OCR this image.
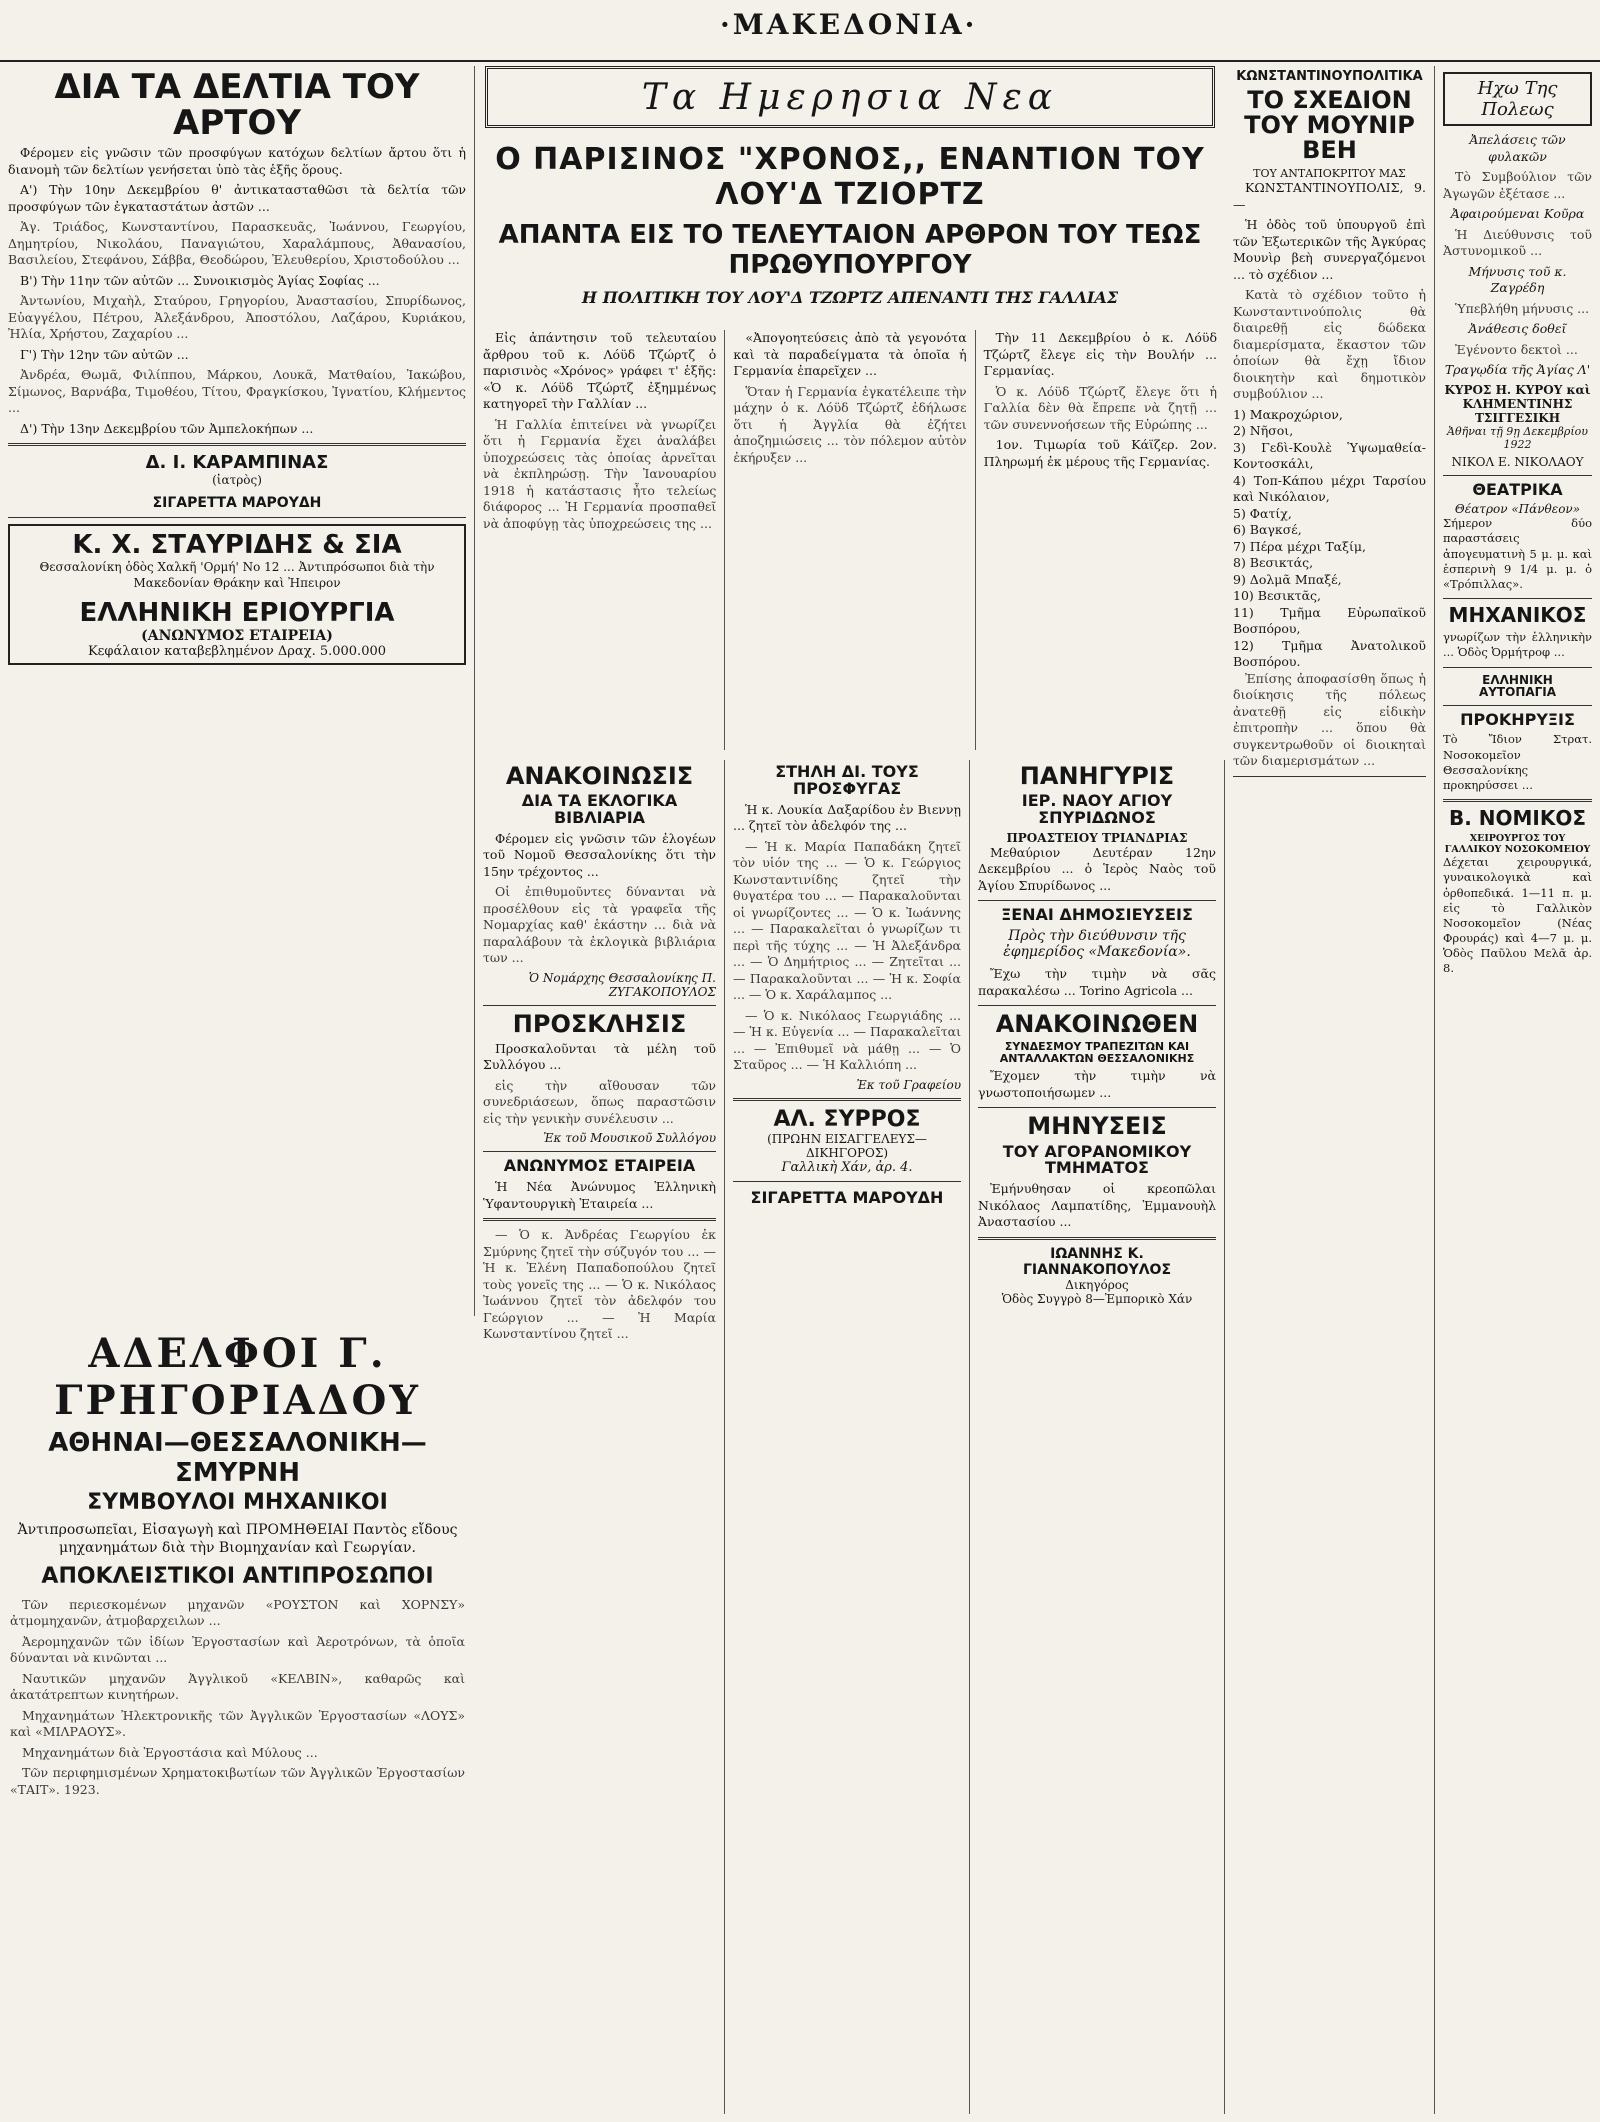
·ΜΑΚΕΔΟΝΙΑ·
ΔΙΑ ΤΑ ΔΕΛΤΙΑ ΤΟΥ ΑΡΤΟΥ

Φέρομεν εἰς γνῶσιν τῶν προσφύγων κατόχων δελτίων ἄρτου ὅτι ἡ διανομὴ τῶν δελτίων γενήσεται ὑπὸ τὰς ἑξῆς ὅρους.

Α') Τὴν 10ην Δεκεμβρίου θ' ἀντικατασταθῶσι τὰ δελτία τῶν προσφύγων τῶν ἐγκαταστάτων ἀστῶν ...

Ἁγ. Τριάδος, Κωνσταντίνου, Παρασκευᾶς, Ἰωάννου, Γεωργίου, Δημητρίου, Νικολάου, Παναγιώτου, Χαραλάμπους, Ἀθανασίου, Βασιλείου, Στεφάνου, Σάββα, Θεοδώρου, Ἐλευθερίου, Χριστοδούλου ...

Β') Τὴν 11ην τῶν αὐτῶν ... Συνοικισμὸς Ἁγίας Σοφίας ...

Ἀντωνίου, Μιχαὴλ, Σταύρου, Γρηγορίου, Ἀναστασίου, Σπυρίδωνος, Εὐαγγέλου, Πέτρου, Ἀλεξάνδρου, Ἀποστόλου, Λαζάρου, Κυριάκου, Ἠλία, Χρήστου, Ζαχαρίου ...

Γ') Τὴν 12ην τῶν αὐτῶν ...

Ἀνδρέα, Θωμᾶ, Φιλίππου, Μάρκου, Λουκᾶ, Ματθαίου, Ἰακώβου, Σίμωνος, Βαρνάβα, Τιμοθέου, Τίτου, Φραγκίσκου, Ἰγνατίου, Κλήμεντος ...

Δ') Τὴν 13ην Δεκεμβρίου τῶν Ἀμπελοκήπων ...

Δ. Ι. ΚΑΡΑΜΠΙΝΑΣ
(ἰατρὸς)
ΣΙΓΑΡΕΤΤΑ ΜΑΡΟΥΔΗ
Κ. Χ. ΣΤΑΥΡΙΔΗΣ & ΣΙΑ
Θεσσαλονίκη ὁδὸς Χαλκῆ 'Ορμή' Νο 12 ... Ἀντιπρόσωποι διὰ τὴν Μακεδονίαν Θράκην καὶ Ἠπειρον
ΕΛΛΗΝΙΚΗ ΕΡΙΟΥΡΓΙΑ
(ΑΝΩΝΥΜΟΣ ΕΤΑΙΡΕΙΑ)
Κεφάλαιον καταβεβλημένον Δραχ. 5.000.000
ΑΔΕΛΦΟΙ Γ. ΓΡΗΓΟΡΙΑΔΟΥ
ΑΘΗΝΑΙ—ΘΕΣΣΑΛΟΝΙΚΗ—ΣΜΥΡΝΗ
ΣΥΜΒΟΥΛΟΙ ΜΗΧΑΝΙΚΟΙ
Ἀντιπροσωπεῖαι, Εἰσαγωγὴ καὶ ΠΡΟΜΗΘΕΙΑΙ Παντὸς εἴδους μηχανημάτων διὰ τὴν Βιομηχανίαν καὶ Γεωργίαν.
ΑΠΟΚΛΕΙΣΤΙΚΟΙ ΑΝΤΙΠΡΟΣΩΠΟΙ

Τῶν περιεσκομένων μηχανῶν «ΡΟΥΣΤΟΝ καὶ ΧΟΡΝΣΥ» ἀτμομηχανῶν, ἀτμοβαρχειλων ...

Ἀερομηχανῶν τῶν ἰδίων Ἐργοστασίων καὶ Ἀεροτρόνων, τὰ ὁποῖα δύνανται νὰ κινῶνται ...

Ναυτικῶν μηχανῶν Ἀγγλικοῦ «ΚΕΛΒΙΝ», καθαρῶς καὶ ἀκατάτρεπτων κινητήρων.

Μηχανημάτων Ἠλεκτρονικῆς τῶν Ἀγγλικῶν Ἐργοστασίων «ΛΟΥΣ» καὶ «ΜΙΛΡΑΟΥΣ».

Μηχανημάτων διὰ Ἐργοστάσια καὶ Μύλους ...

Τῶν περιφημισμένων Χρηματοκιβωτίων τῶν Ἀγγλικῶν Ἐργοστασίων «ΤΑΙΤ». 1923.

Τα Ημερησια Νεα
Ο ΠΑΡΙΣΙΝΟΣ "ΧΡΟΝΟΣ,, ΕΝΑΝΤΙΟΝ ΤΟΥ ΛΟΥ'Δ ΤΖΙΟΡΤΖ
ΑΠΑΝΤΑ ΕΙΣ ΤΟ ΤΕΛΕΥΤΑΙΟΝ ΑΡΘΡΟΝ ΤΟΥ ΤΕΩΣ ΠΡΩΘΥΠΟΥΡΓΟΥ
Η ΠΟΛΙΤΙΚΗ ΤΟΥ ΛΟΥ'Δ ΤΖΩΡΤΖ ΑΠΕΝΑΝΤΙ ΤΗΣ ΓΑΛΛΙΑΣ

Εἰς ἀπάντησιν τοῦ τελευταίου ἄρθρου τοῦ κ. Λόϋδ Τζώρτζ ὁ παρισινὸς «Χρόνος» γράφει τ' ἑξῆς: «Ὁ κ. Λόϋδ Τζώρτζ ἐξημμένως κατηγορεῖ τὴν Γαλλίαν ...

Ἡ Γαλλία ἐπιτείνει νὰ γνωρίζει ὅτι ἡ Γερμανία ἔχει ἀναλάβει ὑποχρεώσεις τὰς ὁποίας ἀρνεῖται νὰ ἐκπληρώσῃ. Τὴν Ἰανουαρίου 1918 ἡ κατάστασις ἦτο τελείως διάφορος ... Ἡ Γερμανία προσπαθεῖ νὰ ἀποφύγῃ τὰς ὑποχρεώσεις της ...

«Ἀπογοητεύσεις ἀπὸ τὰ γεγονότα καὶ τὰ παραδείγματα τὰ ὁποῖα ἡ Γερμανία ἐπαρεῖχεν ...

Ὅταν ἡ Γερμανία ἐγκατέλειπε τὴν μάχην ὁ κ. Λόϋδ Τζώρτζ ἐδήλωσε ὅτι ἡ Ἀγγλία θὰ ἐζήτει ἀποζημιώσεις ... τὸν πόλεμον αὐτὸν ἐκήρυξεν ...

Τὴν 11 Δεκεμβρίου ὁ κ. Λόϋδ Τζώρτζ ἔλεγε εἰς τὴν Βουλήν ... Γερμανίας.

Ὁ κ. Λόϋδ Τζώρτζ ἔλεγε ὅτι ἡ Γαλλία δὲν θὰ ἔπρεπε νὰ ζητῇ ... τῶν συνεννοήσεων τῆς Εὐρώπης ...

1ον. Τιμωρία τοῦ Κάϊζερ. 2ον. Πληρωμή ἐκ μέρους τῆς Γερμανίας.

ΑΝΑΚΟΙΝΩΣΙΣ
ΔΙΑ ΤΑ ΕΚΛΟΓΙΚΑ ΒΙΒΛΙΑΡΙΑ

Φέρομεν εἰς γνῶσιν τῶν ἐλογέων τοῦ Νομοῦ Θεσσαλονίκης ὅτι τὴν 15ην τρέχοντος ...

Οἱ ἐπιθυμοῦντες δύνανται νὰ προσέλθουν εἰς τὰ γραφεῖα τῆς Νομαρχίας καθ' ἑκάστην ... διὰ νὰ παραλάβουν τὰ ἐκλογικὰ βιβλιάρια των ...

Ὁ Νομάρχης Θεσσαλονίκης Π. ΖΥΓΑΚΟΠΟΥΛΟΣ
ΠΡΟΣΚΛΗΣΙΣ

Προσκαλοῦνται τὰ μέλη τοῦ Συλλόγου ...

εἰς τὴν αἴθουσαν τῶν συνεδριάσεων, ὅπως παραστῶσιν εἰς τὴν γενικὴν συνέλευσιν ...

Ἐκ τοῦ Μουσικοῦ Συλλόγου
ΑΝΩΝΥΜΟΣ ΕΤΑΙΡΕΙΑ

Ἡ Νέα Ἀνώνυμος Ἑλληνικὴ Ὑφαντουργικὴ Ἑταιρεία ...

— Ὁ κ. Ἀνδρέας Γεωργίου ἐκ Σμύρνης ζητεῖ τὴν σύζυγόν του ... — Ἡ κ. Ἑλένη Παπαδοπούλου ζητεῖ τοὺς γονεῖς της ... — Ὁ κ. Νικόλαος Ἰωάννου ζητεῖ τὸν ἀδελφόν του Γεώργιον ... — Ἡ Μαρία Κωνσταντίνου ζητεῖ ...

ΣΤΗΛΗ ΔΙ. ΤΟΥΣ ΠΡΟΣΦΥΓΑΣ

Ἡ κ. Λουκία Δαξαρίδου ἐν Βιεννῃ ... ζητεῖ τὸν ἀδελφόν της ...

— Ἡ κ. Μαρία Παπαδάκη ζητεῖ τὸν υἱόν της ... — Ὁ κ. Γεώργιος Κωνσταντινίδης ζητεῖ τὴν θυγατέρα του ... — Παρακαλοῦνται οἱ γνωρίζοντες ... — Ὁ κ. Ἰωάννης ... — Παρακαλεῖται ὁ γνωρίζων τι περὶ τῆς τύχης ... — Ἡ Ἀλεξάνδρα ... — Ὁ Δημήτριος ... — Ζητεῖται ... — Παρακαλοῦνται ... — Ἡ κ. Σοφία ... — Ὁ κ. Χαράλαμπος ...

— Ὁ κ. Νικόλαος Γεωργιάδης ... — Ἡ κ. Εὐγενία ... — Παρακαλεῖται ... — Ἐπιθυμεῖ νὰ μάθῃ ... — Ὁ Σταῦρος ... — Ἡ Καλλιόπη ...

Ἐκ τοῦ Γραφείου
ΑΛ. ΣΥΡΡΟΣ
(ΠΡΩΗΝ ΕΙΣΑΓΓΕΛΕΥΣ—ΔΙΚΗΓΟΡΟΣ)
Γαλλικὴ Χάν, ἀρ. 4.
ΣΙΓΑΡΕΤΤΑ ΜΑΡΟΥΔΗ
ΠΑΝΗΓΥΡΙΣ
ΙΕΡ. ΝΑΟΥ ΑΓΙΟΥ ΣΠΥΡΙΔΩΝΟΣ
ΠΡΟΑΣΤΕΙΟΥ ΤΡΙΑΝΔΡΙΑΣ

Μεθαύριον Δευτέραν 12ην Δεκεμβρίου ... ὁ Ἱερὸς Ναὸς τοῦ Ἁγίου Σπυρίδωνος ...

ΞΕΝΑΙ ΔΗΜΟΣΙΕΥΣΕΙΣ
Πρὸς τὴν διεύθυνσιν τῆς ἐφημερίδος «Μακεδονία».

Ἔχω τὴν τιμὴν νὰ σᾶς παρακαλέσω ... Torino Agricola ...

ΑΝΑΚΟΙΝΩΘΕΝ
ΣΥΝΔΕΣΜΟΥ ΤΡΑΠΕΖΙΤΩΝ ΚΑΙ ΑΝΤΑΛΛΑΚΤΩΝ ΘΕΣΣΑΛΟΝΙΚΗΣ

Ἔχομεν τὴν τιμὴν νὰ γνωστοποιήσωμεν ...

ΜΗΝΥΣΕΙΣ
ΤΟΥ ΑΓΟΡΑΝΟΜΙΚΟΥ ΤΜΗΜΑΤΟΣ

Ἐμήνυθησαν οἱ κρεοπῶλαι Νικόλαος Λαμπατίδης, Ἐμμανουὴλ Ἀναστασίου ...

ΙΩΑΝΝΗΣ Κ. ΓΙΑΝΝΑΚΟΠΟΥΛΟΣ
Δικηγόρος
Ὁδὸς Συγγρὸ 8—Ἐμπορικὸ Χάν
ΚΩΝΣΤΑΝΤΙΝΟΥΠΟΛΙΤΙΚΑ
ΤΟ ΣΧΕΔΙΟΝ ΤΟΥ ΜΟΥΝΙΡ ΒΕΗ
ΤΟΥ ΑΝΤΑΠΟΚΡΙΤΟΥ ΜΑΣ

ΚΩΝΣΤΑΝΤΙΝΟΥΠΟΛΙΣ, 9.—

Ἡ ὁδὸς τοῦ ὑπουργοῦ ἐπὶ τῶν Ἐξωτερικῶν τῆς Ἀγκύρας Μουνὶρ βεὴ συνεργαζόμενοι ... τὸ σχέδιον ...

Κατὰ τὸ σχέδιον τοῦτο ἡ Κωνσταντινούπολις θὰ διαιρεθῇ εἰς δώδεκα διαμερίσματα, ἕκαστον τῶν ὁποίων θὰ ἔχῃ ἴδιον διοικητὴν καὶ δημοτικὸν συμβούλιον ...

1) Μακροχώριον,
2) Νῆσοι,
3) Γεδὶ-Κουλὲ Ὑψωμαθεία-Κοντοσκάλι,
4) Τοπ-Κάπου μέχρι Ταρσίου καὶ Νικόλαιον,
5) Φατίχ,
6) Βαγκσέ,
7) Πέρα μέχρι Ταξίμ,
8) Βεσικτάς,
9) Δολμᾶ Μπαξέ,
10) Βεσικτᾶς,
11) Τμῆμα Εὐρωπαϊκοῦ Βοσπόρου,
12) Τμῆμα Ἀνατολικοῦ Βοσπόρου.

Ἐπίσης ἀποφασίσθη ὅπως ἡ διοίκησις τῆς πόλεως ἀνατεθῇ εἰς εἰδικὴν ἐπιτροπὴν ... ὅπου θὰ συγκεντρωθοῦν οἱ διοικηταὶ τῶν διαμερισμάτων ...

Ηχω Της Πολεως

Ἀπελάσεις τῶν φυλακῶν

Τὸ Συμβούλιον τῶν Ἀγωγῶν ἐξέτασε ...

Ἀφαιρούμεναι Κοῦρα

Ἡ Διεύθυνσις τοῦ Ἀστυνομικοῦ ...

Μήνυσις τοῦ κ. Ζαγρέδη

Ὑπεβλήθη μήνυσις ...

Ἀνάθεσις δοθεῖ

Ἐγένοντο δεκτοὶ ...

Τραγῳδία τῆς Ἀγίας Λ'

ΚΥΡΟΣ Η. ΚΥΡΟΥ καὶ ΚΛΗΜΕΝΤΙΝΗΣ ΤΣΙΓΓΕΣΙΚΗ
Ἀθῆναι τῇ 9ῃ Δεκεμβρίου 1922
ΝΙΚΟΛ Ε. ΝΙΚΟΛΑΟΥ
ΘΕΑΤΡΙΚΑ
Θέατρον «Πάνθεον»
Σήμερον δύο παραστάσεις ἀπογευματινὴ 5 μ. μ. καὶ ἑσπερινὴ 9 1/4 μ. μ. ὁ «Τρόπιλλας».
ΜΗΧΑΝΙΚΟΣ
γνωρίζων τὴν ἑλληνικὴν ... Ὁδὸς Ὀρμήτροφ ...
ΕΛΛΗΝΙΚΗ ΑΥΤΟΠΑΓΙΑ
ΠΡΟΚΗΡΥΞΙΣ
Τὸ Ἴδιον Στρατ. Νοσοκομεῖον Θεσσαλονίκης προκηρύσσει ...
Β. ΝΟΜΙΚΟΣ
ΧΕΙΡΟΥΡΓΟΣ ΤΟΥ ΓΑΛΛΙΚΟΥ ΝΟΣΟΚΟΜΕΙΟΥ
Δέχεται χειρουργικά, γυναικολογικὰ καὶ ὀρθοπεδικά. 1—11 π. μ. εἰς τὸ Γαλλικὸν Νοσοκομεῖον (Νέας Φρουράς) καὶ 4—7 μ. μ. Ὁδὸς Παῦλου Μελᾶ ἀρ. 8.
